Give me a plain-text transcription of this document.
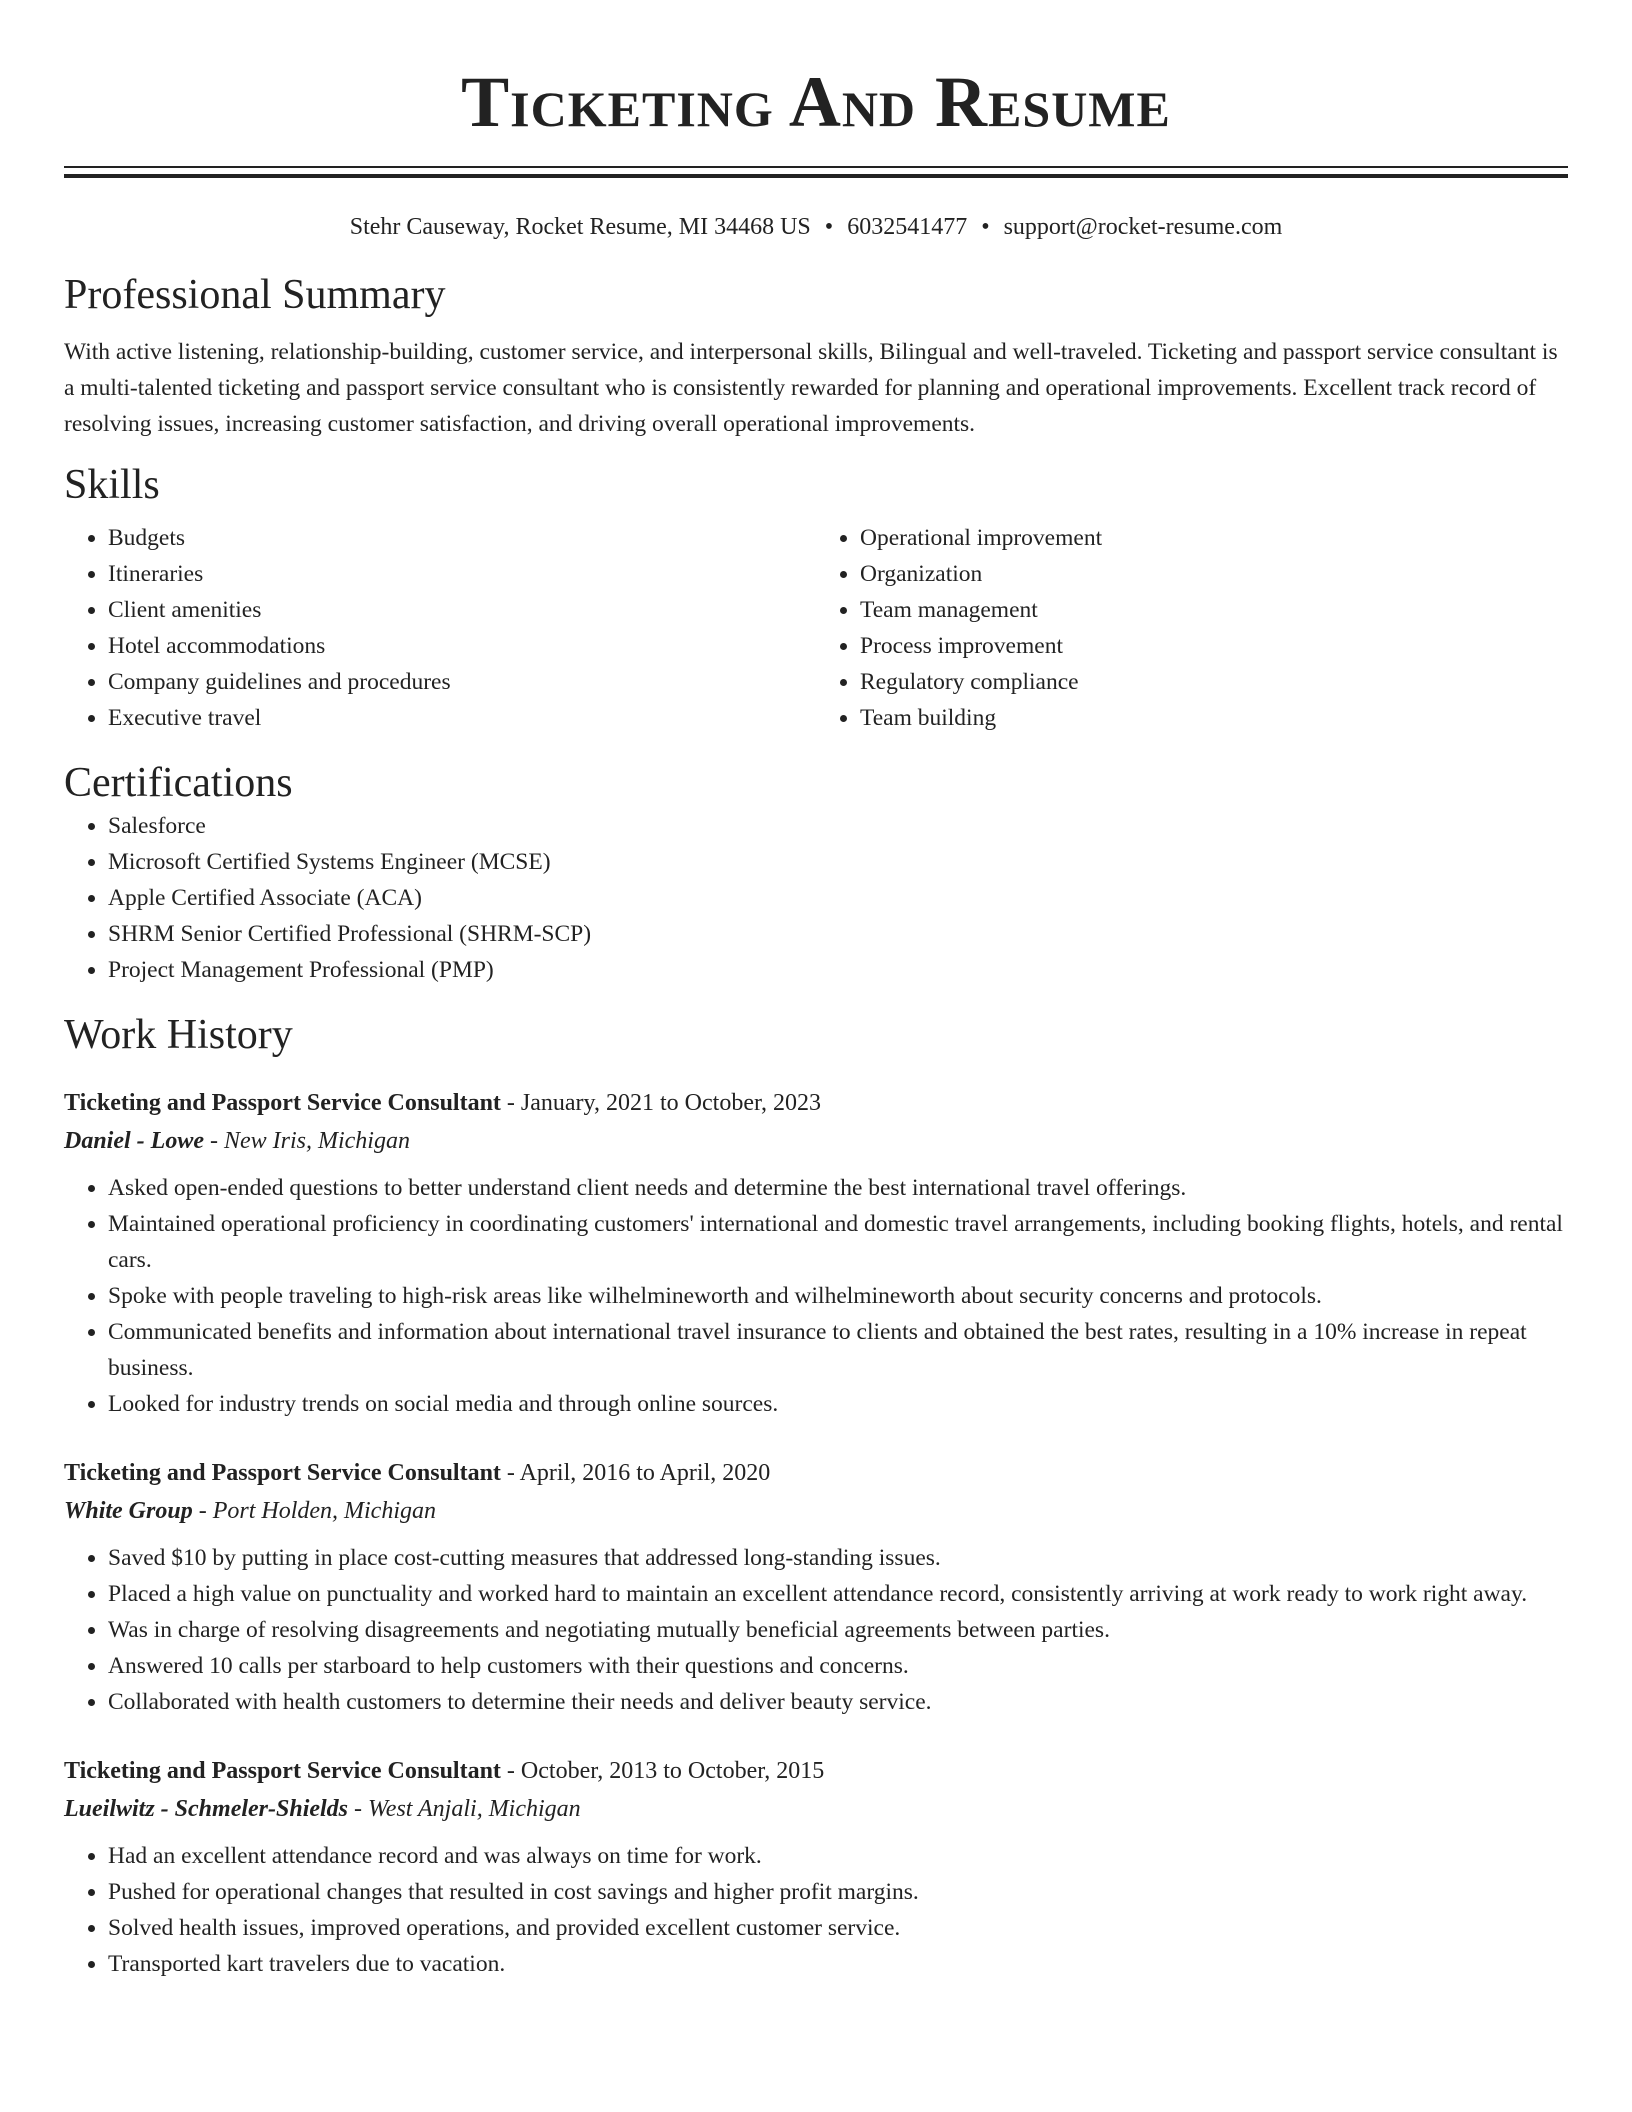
Ticketing And Resume
Stehr Causeway, Rocket Resume, MI 34468 US • 6032541477 • support@rocket-resume.com
Professional Summary
With active listening, relationship-building, customer service, and interpersonal skills, Bilingual and well-traveled. Ticketing and passport service consultant is a multi-talented ticketing and passport service consultant who is consistently rewarded for planning and operational improvements. Excellent track record of resolving issues, increasing customer satisfaction, and driving overall operational improvements.
Skills
• Budgets
• Itineraries
• Client amenities
• Hotel accommodations
• Company guidelines and procedures
• Executive travel
• Operational improvement
• Organization
• Team management
• Process improvement
• Regulatory compliance
• Team building
Certifications
• Salesforce
• Microsoft Certified Systems Engineer (MCSE)
• Apple Certified Associate (ACA)
• SHRM Senior Certified Professional (SHRM-SCP)
• Project Management Professional (PMP)
Work History
Ticketing and Passport Service Consultant - January, 2021 to October, 2023
Daniel - Lowe - New Iris, Michigan
• Asked open-ended questions to better understand client needs and determine the best international travel offerings.
• Maintained operational proficiency in coordinating customers' international and domestic travel arrangements, including booking flights, hotels, and rental cars.
• Spoke with people traveling to high-risk areas like wilhelmineworth and wilhelmineworth about security concerns and protocols.
• Communicated benefits and information about international travel insurance to clients and obtained the best rates, resulting in a 10% increase in repeat business.
• Looked for industry trends on social media and through online sources.
Ticketing and Passport Service Consultant - April, 2016 to April, 2020
White Group - Port Holden, Michigan
• Saved $10 by putting in place cost-cutting measures that addressed long-standing issues.
• Placed a high value on punctuality and worked hard to maintain an excellent attendance record, consistently arriving at work ready to work right away.
• Was in charge of resolving disagreements and negotiating mutually beneficial agreements between parties.
• Answered 10 calls per starboard to help customers with their questions and concerns.
• Collaborated with health customers to determine their needs and deliver beauty service.
Ticketing and Passport Service Consultant - October, 2013 to October, 2015
Lueilwitz - Schmeler-Shields - West Anjali, Michigan
• Had an excellent attendance record and was always on time for work.
• Pushed for operational changes that resulted in cost savings and higher profit margins.
• Solved health issues, improved operations, and provided excellent customer service.
• Transported kart travelers due to vacation.
